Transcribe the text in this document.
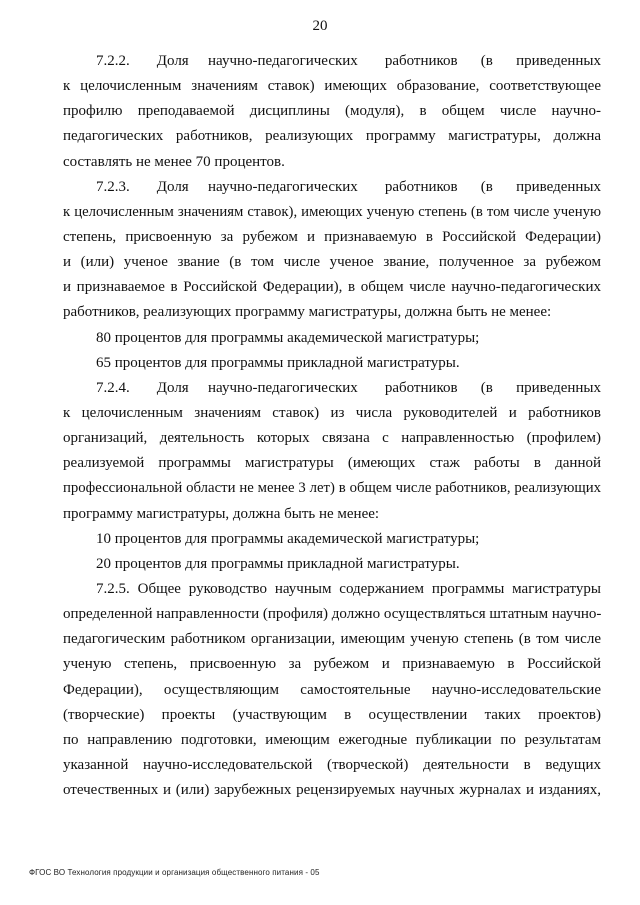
20
7.2.2.       Доля     научно-педагогических       работников      (в      приведенных
к целочисленным значениям ставок) имеющих образование, соответствующее
профилю преподаваемой дисциплины (модуля), в общем числе научно-
педагогических работников, реализующих программу магистратуры, должна
составлять не менее 70 процентов.
7.2.3.       Доля     научно-педагогических       работников      (в      приведенных
к целочисленным значениям ставок), имеющих ученую степень (в том числе ученую
степень, присвоенную за рубежом и признаваемую в Российской Федерации)
и (или) ученое звание (в том числе ученое звание, полученное за рубежом
и признаваемое в Российской Федерации), в общем числе научно-педагогических
работников, реализующих программу магистратуры, должна быть не менее:
80 процентов для программы академической магистратуры;
65 процентов для программы прикладной магистратуры.
7.2.4.       Доля     научно-педагогических       работников      (в      приведенных
к целочисленным значениям ставок) из числа руководителей и работников
организаций, деятельность которых связана с направленностью (профилем)
реализуемой программы магистратуры (имеющих стаж работы в данной
профессиональной области не менее 3 лет) в общем числе работников, реализующих
программу магистратуры, должна быть не менее:
10 процентов для программы академической магистратуры;
20 процентов для программы прикладной магистратуры.
7.2.5. Общее руководство научным содержанием программы магистратуры
определенной направленности (профиля) должно осуществляться штатным научно-
педагогическим работником организации, имеющим ученую степень (в том числе
ученую степень, присвоенную за рубежом и признаваемую в Российской
Федерации), осуществляющим самостоятельные научно-исследовательские
(творческие) проекты (участвующим в осуществлении таких проектов)
по направлению подготовки, имеющим ежегодные публикации по результатам
указанной научно-исследовательской (творческой) деятельности в ведущих
отечественных и (или) зарубежных рецензируемых научных журналах и изданиях,
ФГОС ВО Технология продукции и организация общественного питания - 05
